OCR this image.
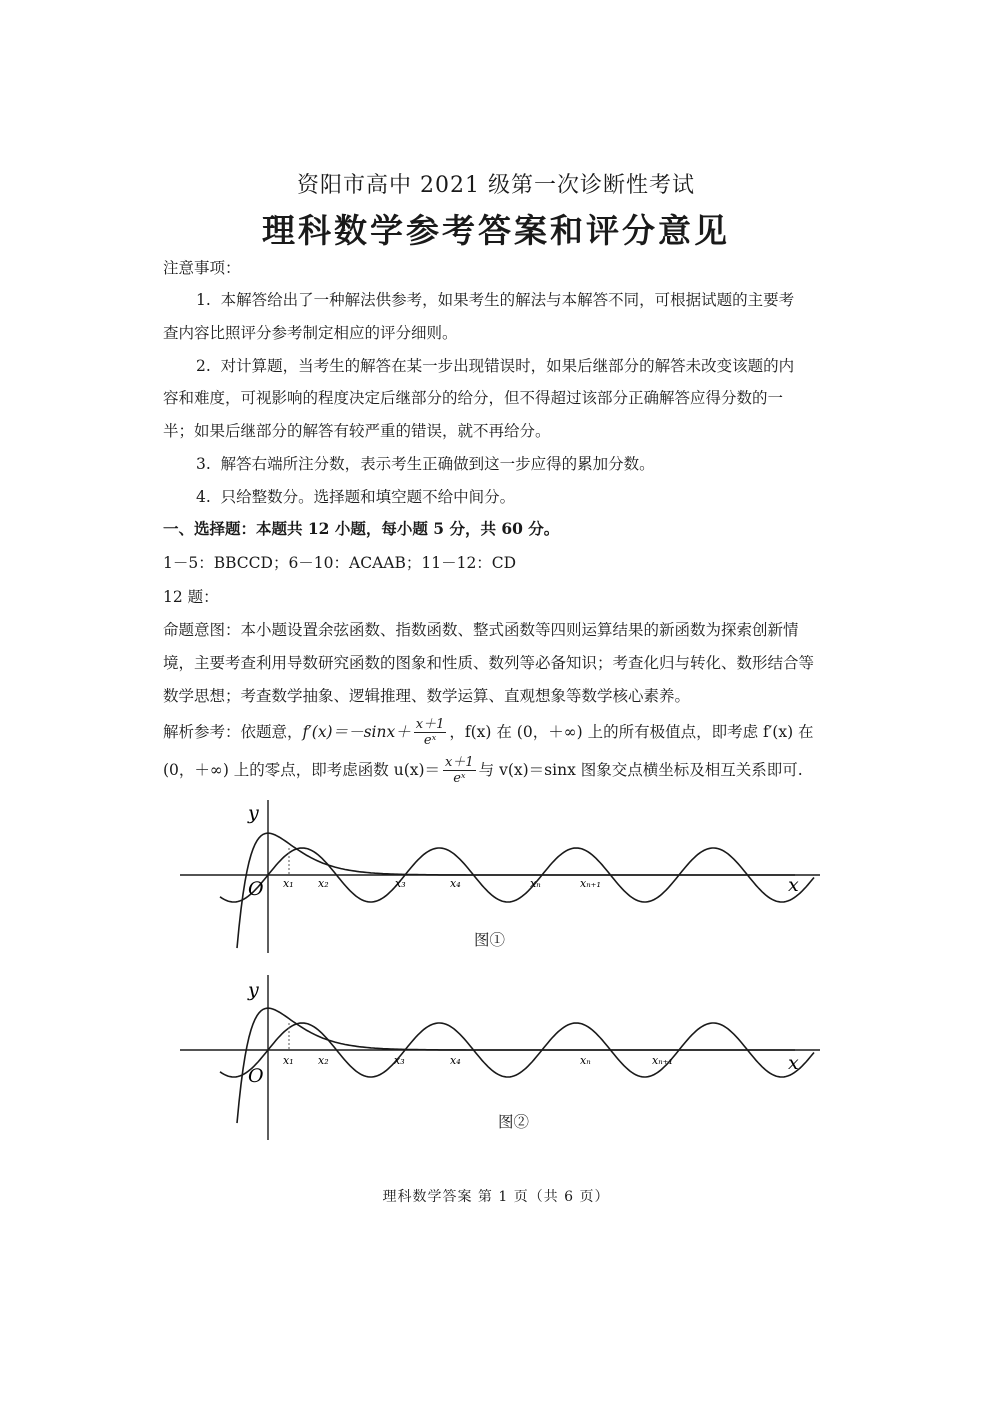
资阳市高中 2021 级第一次诊断性考试
理科数学参考答案和评分意见
注意事项：
1. 本解答给出了一种解法供参考，如果考生的解法与本解答不同，可根据试题的主要考
查内容比照评分参考制定相应的评分细则。
2. 对计算题，当考生的解答在某一步出现错误时，如果后继部分的解答未改变该题的内
容和难度，可视影响的程度决定后继部分的给分，但不得超过该部分正确解答应得分数的一
半；如果后继部分的解答有较严重的错误，就不再给分。
3. 解答右端所注分数，表示考生正确做到这一步应得的累加分数。
4. 只给整数分。选择题和填空题不给中间分。
一、选择题：本题共 12 小题，每小题 5 分，共 60 分。
1－5：BBCCD；6－10：ACAAB；11－12：CD
12 题：
命题意图：本小题设置余弦函数、指数函数、整式函数等四则运算结果的新函数为探索创新情
境，主要考查利用导数研究函数的图象和性质、数列等必备知识；考查化归与转化、数形结合等
数学思想；考查数学抽象、逻辑推理、数学运算、直观想象等数学核心素养。
解析参考：依题意， $f'(x)=-\sin x+ \frac{x+1}{\text{eˣ}}$ ， f(x) 在 (0，＋∞) 上的所有极值点，即考虑 f′(x) 在
(0，＋∞) 上的零点，即考虑函数 $u(x)= \frac{x+1}{\text{eˣ}}$ 与 v(x)＝sinx 图象交点横坐标及相互关系即可.
y
x
O x₁ x₂	x₃	x₄	xₙ	xₙ₊₁
图①
y
x
O
x₁ x₂	x₃	x₄	xₙ	xₙ₊₁
图②
理科数学答案 第 1 页（共 6 页）
